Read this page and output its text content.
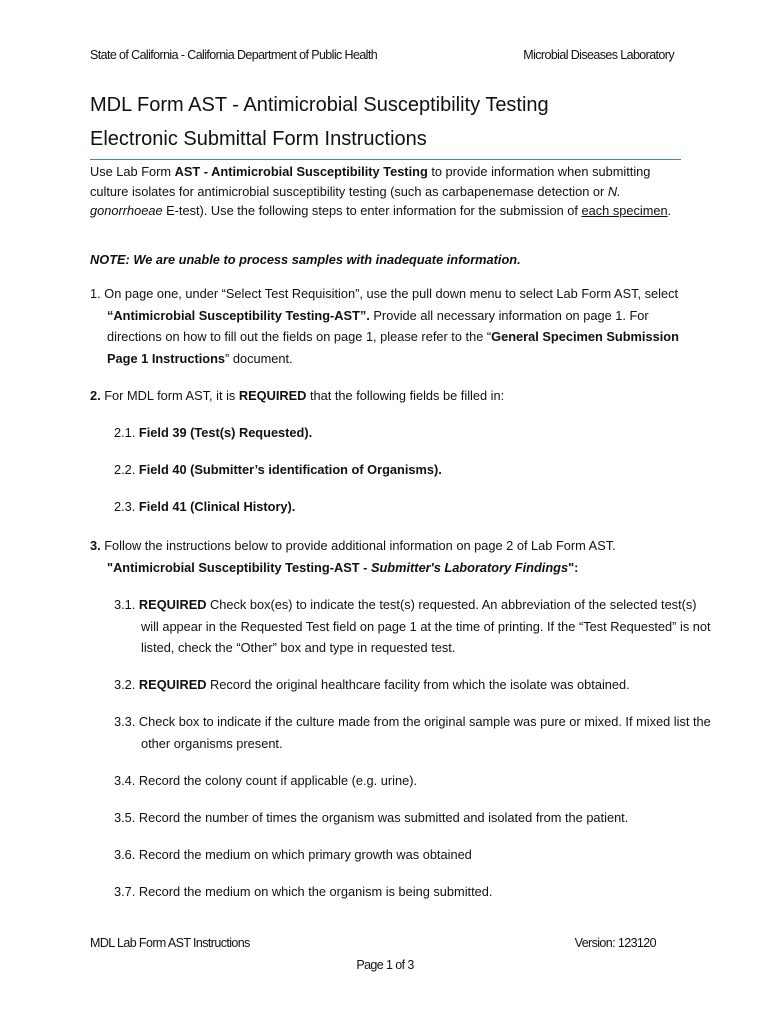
State of California - California Department of Public Health	Microbial Diseases Laboratory
MDL Form AST - Antimicrobial Susceptibility Testing
Electronic Submittal Form Instructions
Use Lab Form AST - Antimicrobial Susceptibility Testing to provide information when submitting culture isolates for antimicrobial susceptibility testing (such as carbapenemase detection or N. gonorrhoeae E-test). Use the following steps to enter information for the submission of each specimen.
NOTE: We are unable to process samples with inadequate information.
1. On page one, under “Select Test Requisition”, use the pull down menu to select Lab Form AST, select “Antimicrobial Susceptibility Testing-AST”. Provide all necessary information on page 1. For directions on how to fill out the fields on page 1, please refer to the “General Specimen Submission Page 1 Instructions” document.
2. For MDL form AST, it is REQUIRED that the following fields be filled in:
2.1. Field 39 (Test(s) Requested).
2.2. Field 40 (Submitter’s identification of Organisms).
2.3. Field 41 (Clinical History).
3. Follow the instructions below to provide additional information on page 2 of Lab Form AST.
"Antimicrobial Susceptibility Testing-AST - Submitter's Laboratory Findings":
3.1. REQUIRED Check box(es) to indicate the test(s) requested. An abbreviation of the selected test(s) will appear in the Requested Test field on page 1 at the time of printing. If the “Test Requested” is not listed, check the “Other” box and type in requested test.
3.2. REQUIRED Record the original healthcare facility from which the isolate was obtained.
3.3. Check box to indicate if the culture made from the original sample was pure or mixed. If mixed list the other organisms present.
3.4. Record the colony count if applicable (e.g. urine).
3.5. Record the number of times the organism was submitted and isolated from the patient.
3.6. Record the medium on which primary growth was obtained
3.7. Record the medium on which the organism is being submitted.
MDL Lab Form AST Instructions	Version: 123120
Page 1 of 3
